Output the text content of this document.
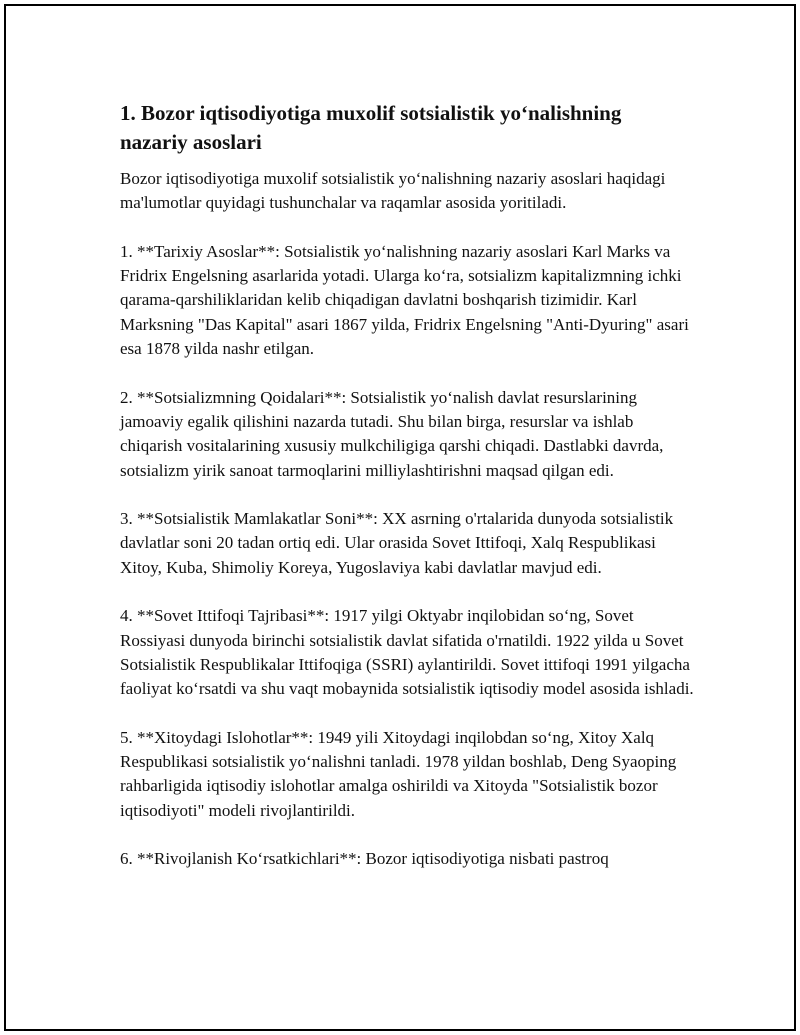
1. Bozor iqtisodiyotiga muxolif sotsialistik yo‘nalishning nazariy asoslari

Bozor iqtisodiyotiga muxolif sotsialistik yo‘nalishning nazariy asoslari haqidagi ma'lumotlar quyidagi tushunchalar va raqamlar asosida yoritiladi.

1. **Tarixiy Asoslar**: Sotsialistik yo‘nalishning nazariy asoslari Karl Marks va Fridrix Engelsning asarlarida yotadi. Ularga ko‘ra, sotsializm kapitalizmning ichki qarama-qarshiliklaridan kelib chiqadigan davlatni boshqarish tizimidir. Karl Marksning "Das Kapital" asari 1867 yilda, Fridrix Engelsning "Anti-Dyuring" asari esa 1878 yilda nashr etilgan.

2. **Sotsializmning Qoidalari**: Sotsialistik yo‘nalish davlat resurslarining jamoaviy egalik qilishini nazarda tutadi. Shu bilan birga, resurslar va ishlab chiqarish vositalarining xususiy mulkchiligiga qarshi chiqadi. Dastlabki davrda, sotsializm yirik sanoat tarmoqlarini milliylashtirishni maqsad qilgan edi.

3. **Sotsialistik Mamlakatlar Soni**: XX asrning o'rtalarida dunyoda sotsialistik davlatlar soni 20 tadan ortiq edi. Ular orasida Sovet Ittifoqi, Xalq Respublikasi Xitoy, Kuba, Shimoliy Koreya, Yugoslaviya kabi davlatlar mavjud edi.

4. **Sovet Ittifoqi Tajribasi**: 1917 yilgi Oktyabr inqilobidan so‘ng, Sovet Rossiyasi dunyoda birinchi sotsialistik davlat sifatida o'rnatildi. 1922 yilda u Sovet Sotsialistik Respublikalar Ittifoqiga (SSRI) aylantirildi. Sovet ittifoqi 1991 yilgacha faoliyat ko‘rsatdi va shu vaqt mobaynida sotsialistik iqtisodiy model asosida ishladi.

5. **Xitoydagi Islohotlar**: 1949 yili Xitoydagi inqilobdan so‘ng, Xitoy Xalq Respublikasi sotsialistik yo‘nalishni tanladi. 1978 yildan boshlab, Deng Syaoping rahbarligida iqtisodiy islohotlar amalga oshirildi va Xitoyda "Sotsialistik bozor iqtisodiyoti" modeli rivojlantirildi.

6. **Rivojlanish Ko‘rsatkichlari**: Bozor iqtisodiyotiga nisbati pastroq
